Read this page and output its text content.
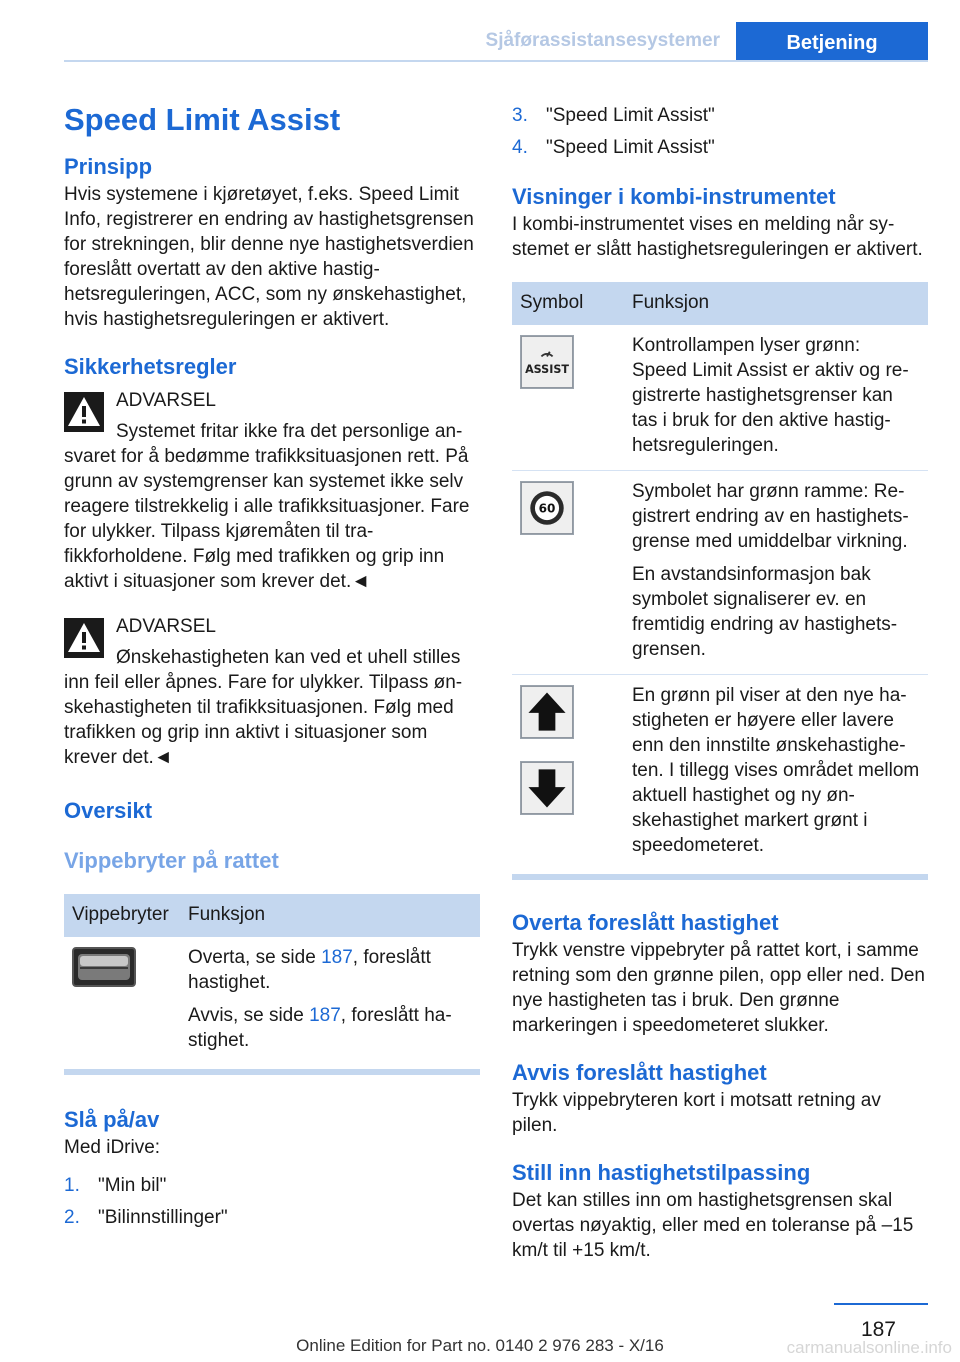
Sjåførassistansesystemer	Betjening
Speed Limit Assist
Prinsipp

Hvis systemene i kjøretøyet, f.eks. Speed Limit Info, registrerer en endring av hastighetsgrensen for strekningen, blir denne nye hastighetsverdien foreslått overtatt av den aktive hastighetsreguleringen, ACC, som ny ønskehastighet, hvis hastighetsreguleringen er aktivert.

Sikkerhetsregler
ADVARSEL
Systemet fritar ikke fra det personlige ansvaret for å bedømme trafikksituasjonen rett. På grunn av systemgrenser kan systemet ikke selv reagere tilstrekkelig i alle trafikksituasjoner. Fare for ulykker. Tilpass kjøremåten til trafikkforholdene. Følg med trafikken og grip inn aktivt i situasjoner som krever det.◄
ADVARSEL
Ønskehastigheten kan ved et uhell stilles inn feil eller åpnes. Fare for ulykker. Tilpass ønskehastigheten til trafikksituasjonen. Følg med trafikken og grip inn aktivt i situasjoner som krever det.◄
Oversikt
Vippebryter på rattet
Vippebryter	Funksjon

Overta, se side 187, foreslått hastighet.

Avvis, se side 187, foreslått hastighet.

Slå på/av

Med iDrive:

1. "Min bil"
2. "Bilinnstillinger"
3. "Speed Limit Assist"
4. "Speed Limit Assist"
Visninger i kombi-instrumentet

I kombi-instrumentet vises en melding når systemet er slått hastighetsreguleringen er aktivert.

Symbol	Funksjon

ASSIST	Kontrollampen lyser grønn: Speed Limit Assist er aktiv og registrerte hastighetsgrenser kan tas i bruk for den aktive hastighetsreguleringen.

60	Symbolet har grønn ramme: Registrert endring av en hastighetsgrense med umiddelbar virkning.

En avstandsinformasjon bak symbolet signaliserer ev. en fremtidig endring av hastighetsgrensen.

En grønn pil viser at den nye hastigheten er høyere eller lavere enn den innstilte ønskehastigheten. I tillegg vises området mellom aktuell hastighet og ny ønskehastighet markert grønt i speedometeret.

Overta foreslått hastighet

Trykk venstre vippebryter på rattet kort, i samme retning som den grønne pilen, opp eller ned. Den nye hastigheten tas i bruk. Den grønne markeringen i speedometeret slukker.

Avvis foreslått hastighet

Trykk vippebryteren kort i motsatt retning av pilen.

Still inn hastighetstilpassing

Det kan stilles inn om hastighetsgrensen skal overtas nøyaktig, eller med en toleranse på –15 km/t til +15 km/t.

187
Online Edition for Part no. 0140 2 976 283 - X/16	carmanualsonline.info
